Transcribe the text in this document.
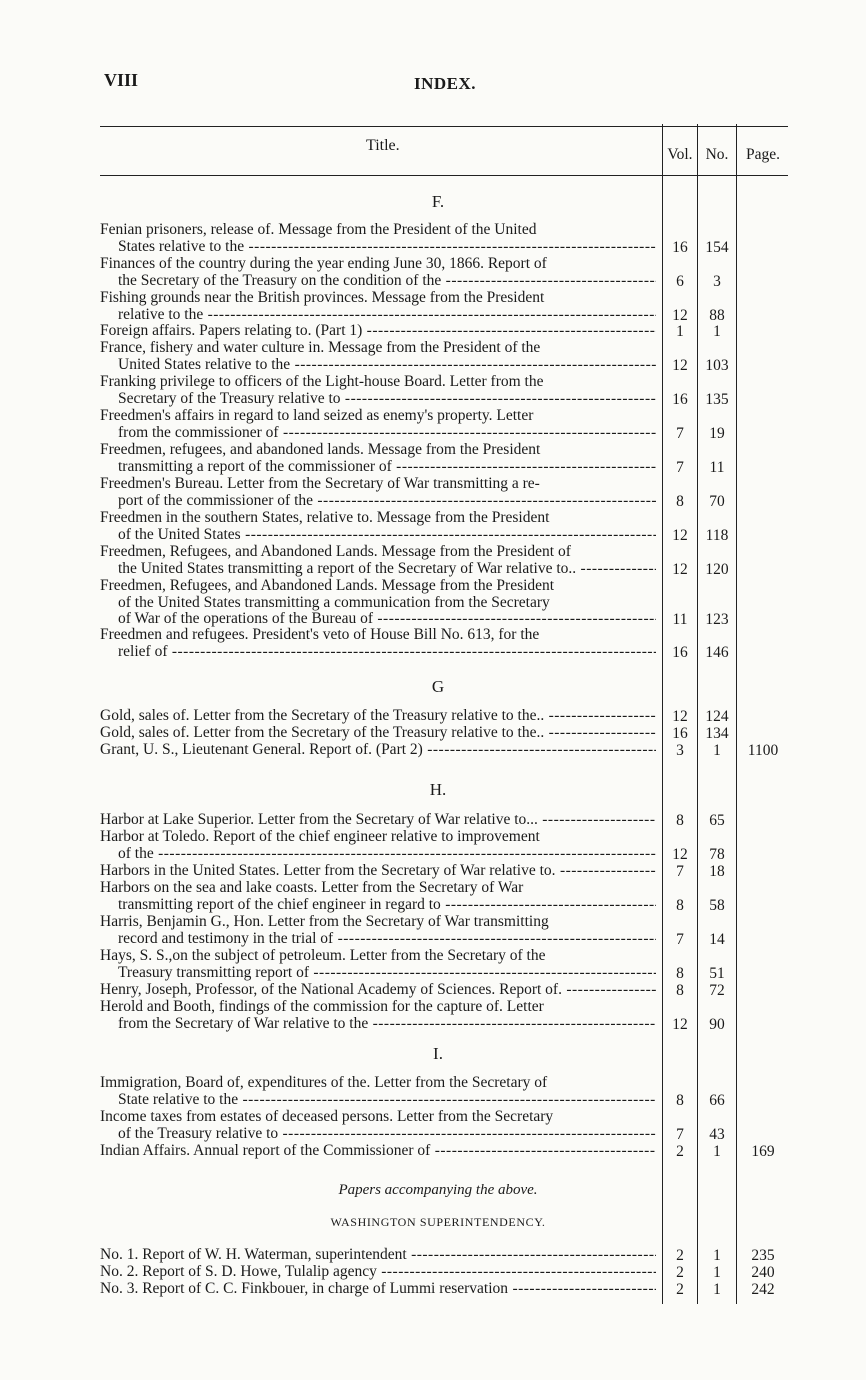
VIII	INDEX.
Title.
Vol. No.	Page.
F.
Fenian prisoners, release of. Message from the President of the United
States relative to the -----	16	154
Finances of the country during the year ending June 30, 1866. Report of
the Secretary of the Treasury on the condition of the -----	6	3
Fishing grounds near the British provinces. Message from the President
relative to the -----	12	88
Foreign affairs. Papers relating to. (Part 1) -----	1	1
France, fishery and water culture in. Message from the President of the
United States relative to the -----	12	103
Franking privilege to officers of the Light-house Board. Letter from the
Secretary of the Treasury relative to -----	16	135
Freedmen's affairs in regard to land seized as enemy's property. Letter
from the commissioner of -----	7	19
Freedmen, refugees, and abandoned lands. Message from the President
transmitting a report of the commissioner of -----	7	11
Freedmen's Bureau. Letter from the Secretary of War transmitting a re-
port of the commissioner of the -----	8	70
Freedmen in the southern States, relative to. Message from the President
of the United States -----	12	118
Freedmen, Refugees, and Abandoned Lands. Message from the President of
the United States transmitting a report of the Secretary of War relative to.. -----	12	120
Freedmen, Refugees, and Abandoned Lands. Message from the President
of the United States transmitting a communication from the Secretary
of War of the operations of the Bureau of -----	11	123
Freedmen and refugees. President's veto of House Bill No. 613, for the
relief of -----	16	146
G
Gold, sales of. Letter from the Secretary of the Treasury relative to the.. -----	12	124
Gold, sales of. Letter from the Secretary of the Treasury relative to the.. -----	16	134
Grant, U. S., Lieutenant General. Report of. (Part 2) -----	3	1	1100
H.
Harbor at Lake Superior. Letter from the Secretary of War relative to... -----	8	65
Harbor at Toledo. Report of the chief engineer relative to improvement
of the -----	12	78
Harbors in the United States. Letter from the Secretary of War relative to. -----	7	18
Harbors on the sea and lake coasts. Letter from the Secretary of War
transmitting report of the chief engineer in regard to -----	8	58
Harris, Benjamin G., Hon. Letter from the Secretary of War transmitting
record and testimony in the trial of -----	7	14
Hays, S. S.,on the subject of petroleum. Letter from the Secretary of the
Treasury transmitting report of -----	8	51
Henry, Joseph, Professor, of the National Academy of Sciences. Report of. -----	8	72
Herold and Booth, findings of the commission for the capture of. Letter
from the Secretary of War relative to the -----	12	90
I.
Immigration, Board of, expenditures of the. Letter from the Secretary of
State relative to the -----	8	66
Income taxes from estates of deceased persons. Letter from the Secretary
of the Treasury relative to -----	7	43
Indian Affairs. Annual report of the Commissioner of -----	2	1	169
No. 1. Report of W. H. Waterman, superintendent -----	2	1	235
No. 2. Report of S. D. Howe, Tulalip agency -----	2	1	240
No. 3. Report of C. C. Finkbouer, in charge of Lummi reservation -----	2	1	242
Papers accompanying the above.
WASHINGTON SUPERINTENDENCY.
